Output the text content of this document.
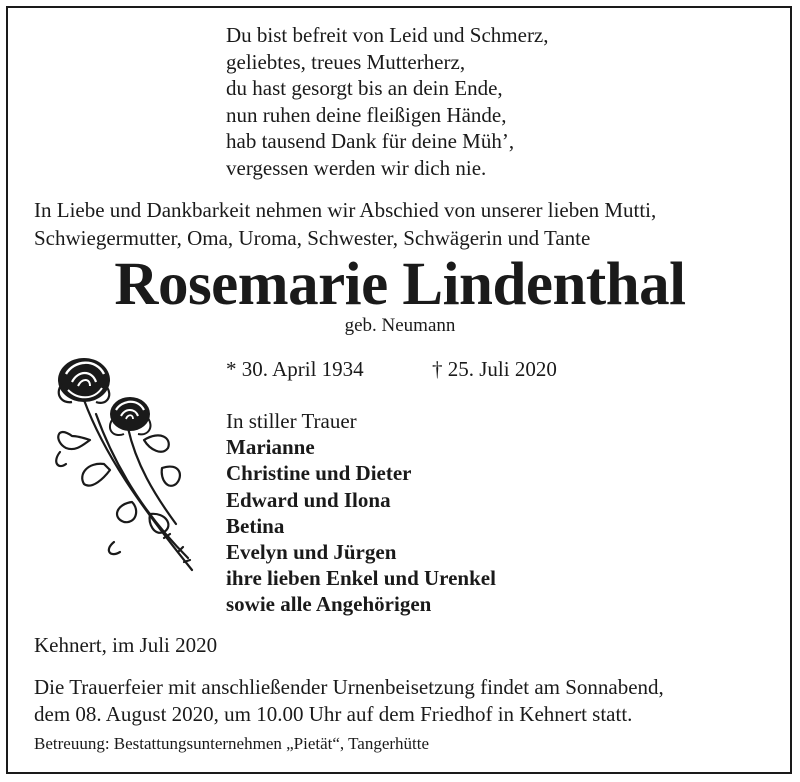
Du bist befreit von Leid und Schmerz,
geliebtes, treues Mutterherz,
du hast gesorgt bis an dein Ende,
nun ruhen deine fleißigen Hände,
hab tausend Dank für deine Müh’,
vergessen werden wir dich nie.
In Liebe und Dankbarkeit nehmen wir Abschied von unserer lieben Mutti,
Schwiegermutter, Oma, Uroma, Schwester, Schwägerin und Tante
Rosemarie Lindenthal
geb. Neumann
* 30. April 1934	† 25. Juli 2020
In stiller Trauer
Marianne
Christine und Dieter
Edward und Ilona
Betina
Evelyn und Jürgen
ihre lieben Enkel und Urenkel
sowie alle Angehörigen
Kehnert, im Juli 2020
Die Trauerfeier mit anschließender Urnenbeisetzung findet am Sonnabend,
dem 08. August 2020, um 10.00 Uhr auf dem Friedhof in Kehnert statt.
Betreuung: Bestattungsunternehmen „Pietät“, Tangerhütte
